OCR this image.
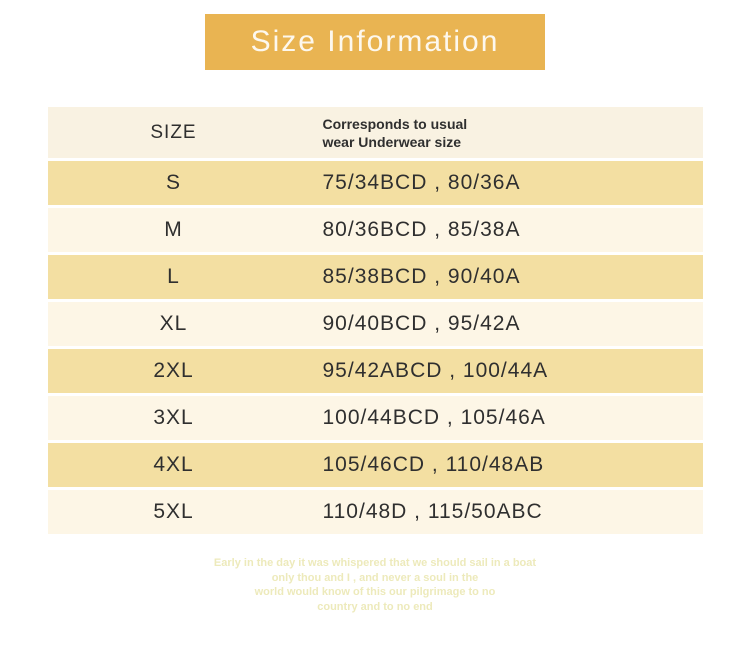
Size Information
SIZE	Corresponds to usual
wear Underwear size
S	75/34BCD , 80/36A
M	80/36BCD , 85/38A
L	85/38BCD , 90/40A
XL	90/40BCD , 95/42A
2XL	95/42ABCD , 100/44A
3XL	100/44BCD , 105/46A
4XL	105/46CD , 110/48AB
5XL	110/48D , 115/50ABC
Early in the day it was whispered that we should sail in a boat
only thou and I , and never a soul in the
world would know of this our pilgrimage to no
country and to no end
